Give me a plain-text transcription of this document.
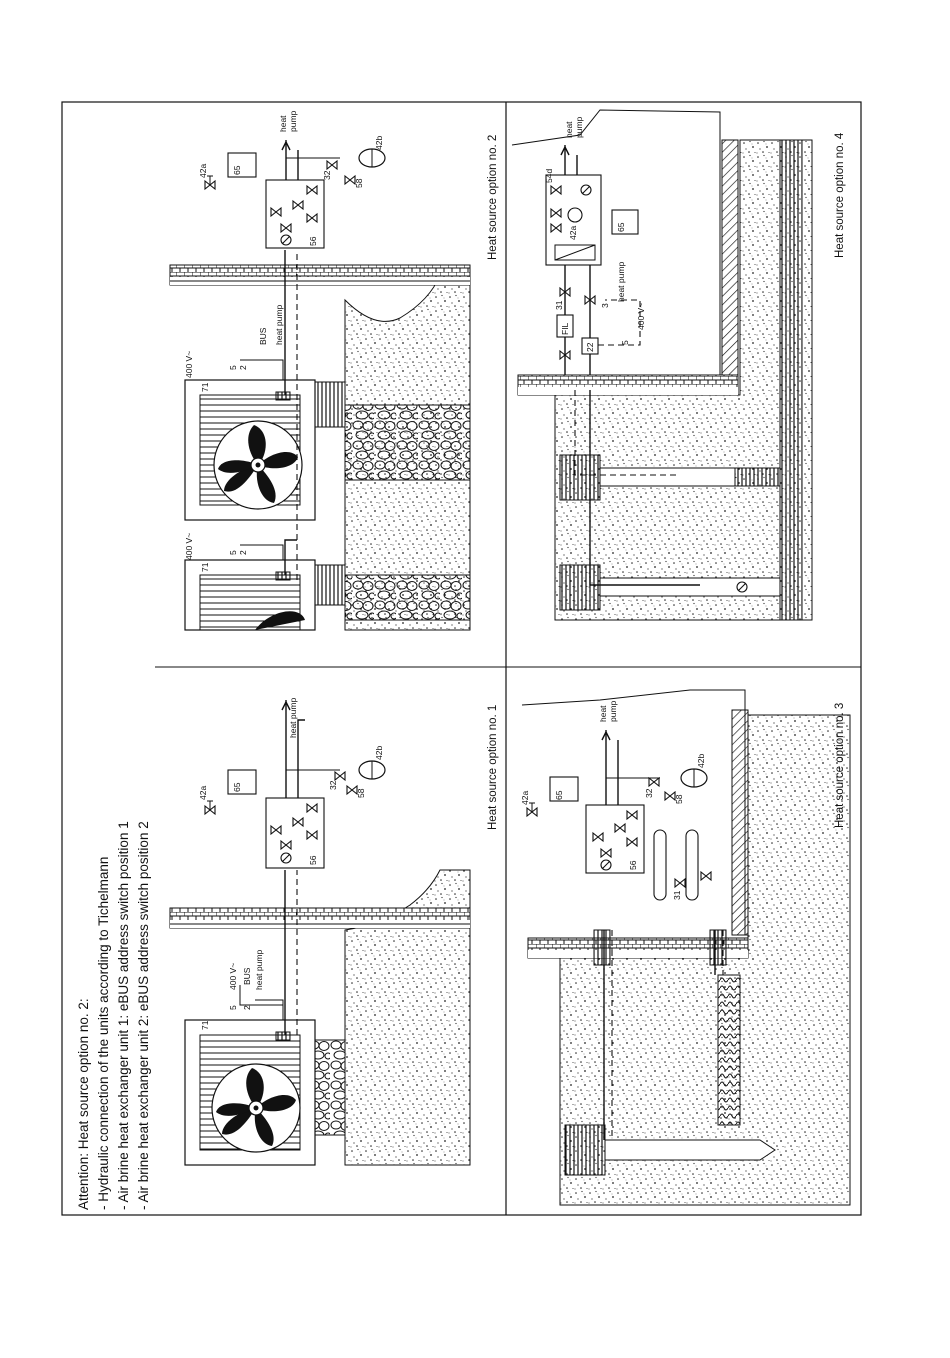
Attention: Heat source option no. 2: - Hydraulic connection of the units according to Tichelmann - Air brine heat exchanger unit 1: eBUS address switch position 1 - Air brine heat exchanger unit 2: eBUS address switch position 2	71
5 2
400 V~ BUS heat pump
56
heat pump
65
42a
32
58
42b	Heat source option no. 1
71
71
5 2
400 V~
5 2
400 V~
BUS heat pump
56
heat pump
65
42a	32
58
42b	Heat source option no. 2
56
31
heat pump
65
42a	32
58
42b	Heat source option no. 3
54d
42a	65
heat pump
FIL
22
31	3
5
400 V~
heat pump
Heat source option no. 4
